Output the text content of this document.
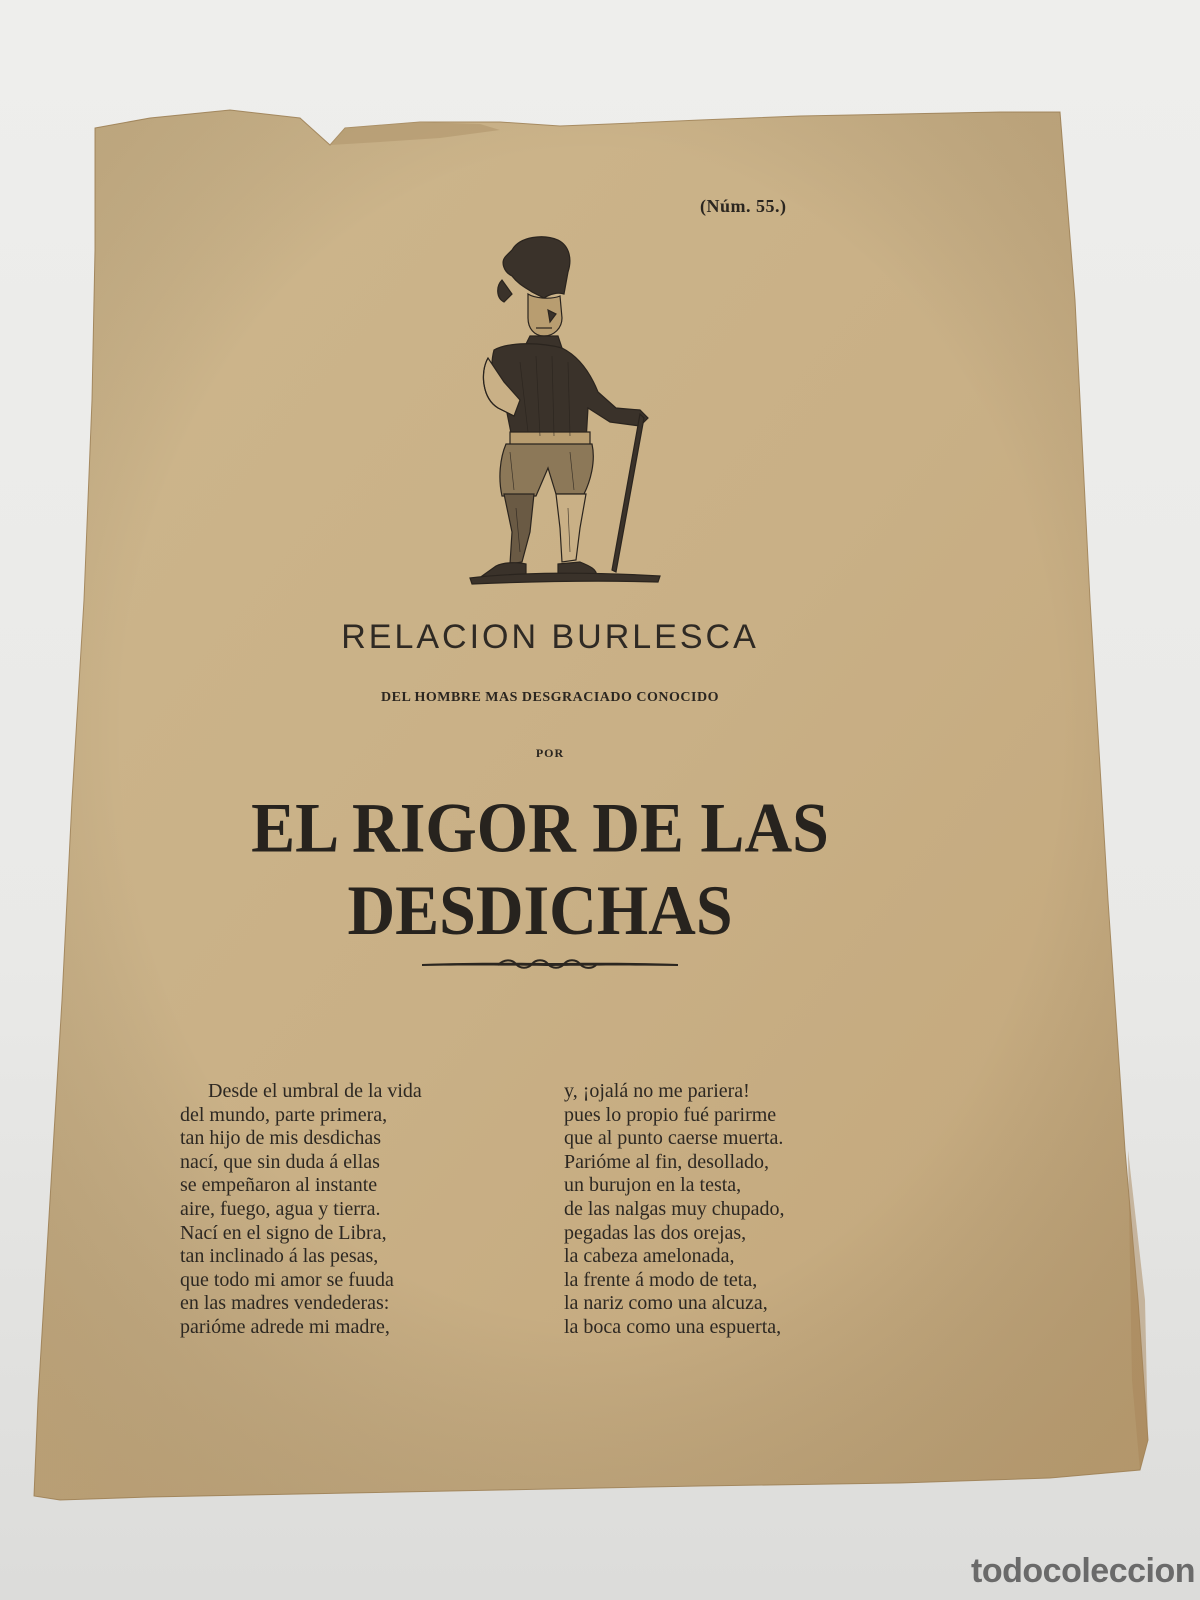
(Núm. 55.)
RELACION BURLESCA
DEL HOMBRE MAS DESGRACIADO CONOCIDO
POR
EL RIGOR DE LAS DESDICHAS
Desde el umbral de la vida
del mundo, parte primera,
tan hijo de mis desdichas
nací, que sin duda á ellas
se empeñaron al instante
aire, fuego, agua y tierra.
Nací en el signo de Libra,
tan inclinado á las pesas,
que todo mi amor se fuuda
en las madres vendederas:
parióme adrede mi madre,
y, ¡ojalá no me pariera!
pues lo propio fué parirme
que al punto caerse muerta.
Parióme al fin, desollado,
un burujon en la testa,
de las nalgas muy chupado,
pegadas las dos orejas,
la cabeza amelonada,
la frente á modo de teta,
la nariz como una alcuza,
la boca como una espuerta,
todocoleccion
